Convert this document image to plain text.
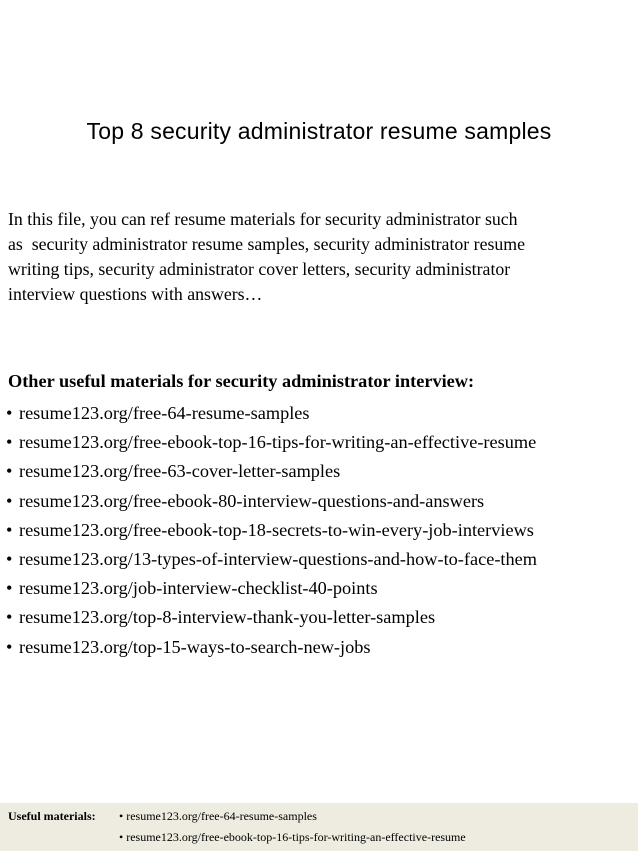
Top 8 security administrator resume samples
In this file, you can ref resume materials for security administrator such
as  security administrator resume samples, security administrator resume
writing tips, security administrator cover letters, security administrator
interview questions with answers…
Other useful materials for security administrator interview:
• resume123.org/free-64-resume-samples
• resume123.org/free-ebook-top-16-tips-for-writing-an-effective-resume
• resume123.org/free-63-cover-letter-samples
• resume123.org/free-ebook-80-interview-questions-and-answers
• resume123.org/free-ebook-top-18-secrets-to-win-every-job-interviews
• resume123.org/13-types-of-interview-questions-and-how-to-face-them
• resume123.org/job-interview-checklist-40-points
• resume123.org/top-8-interview-thank-you-letter-samples
• resume123.org/top-15-ways-to-search-new-jobs
Useful materials: • resume123.org/free-64-resume-samples
• resume123.org/free-ebook-top-16-tips-for-writing-an-effective-resume
